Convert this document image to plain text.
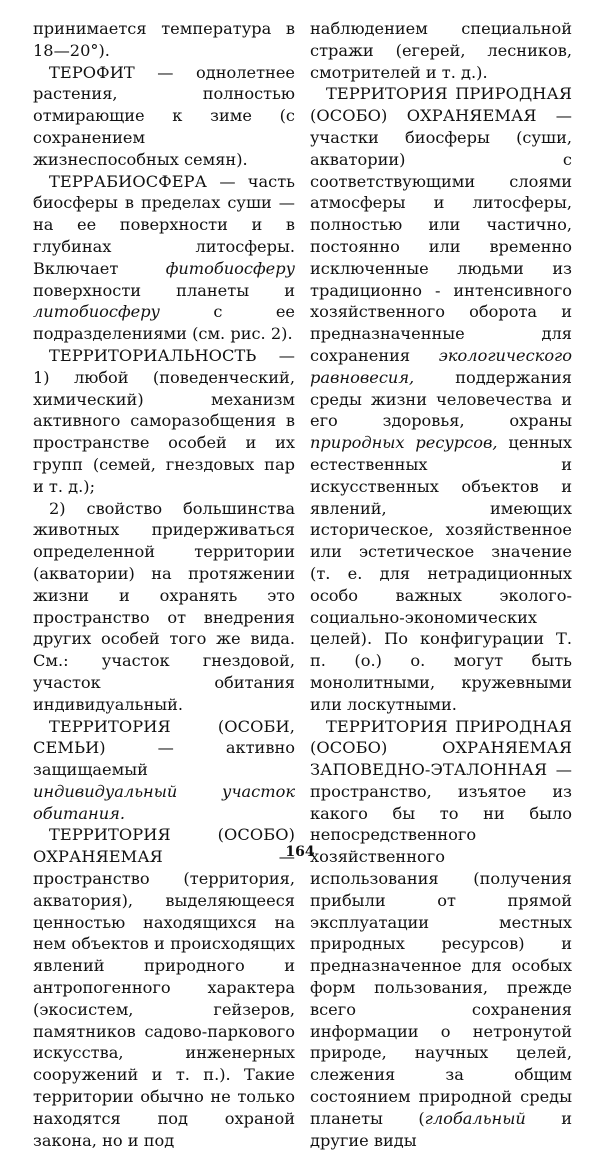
принимается температура в 18—20°).

ТЕРОФИТ — однолетнее растения, полностью отмирающие к зиме (с сохранением жизнеспособных семян).

ТЕРРАБИОСФЕРА — часть биосферы в пределах суши — на ее поверхности и в глубинах литосферы. Включает фитобиосферу поверхности планеты и литобиосферу с ее подразделениями (см. рис. 2).

ТЕРРИТОРИАЛЬНОСТЬ — 1) любой (поведенческий, химический) механизм активного саморазобщения в пространстве особей и их групп (семей, гнездовых пар и т. д.);

2) свойство большинства животных придерживаться определенной территории (акватории) на протяжении жизни и охранять это пространство от внедрения других особей того же вида. См.: участок гнездовой, участок обитания индивидуальный.

ТЕРРИТОРИЯ (ОСОБИ, СЕМЬИ) — активно защищаемый индивидуальный участок обитания.

ТЕРРИТОРИЯ (ОСОБО) ОХРАНЯЕМАЯ — пространство (территория, акватория), выделяющееся ценностью находящихся на нем объектов и происходящих явлений природного и антропогенного характера (экосистем, гейзеров, памятников садово-паркового искусства, инженерных сооружений и т. п.). Такие территории обычно не только находятся под охраной закона, но и под

наблюдением специальной стражи (егерей, лесников, смотрителей и т. д.).

ТЕРРИТОРИЯ ПРИРОДНАЯ (ОСОБО) ОХРАНЯЕМАЯ — участки биосферы (суши, акватории) с соответствующими слоями атмосферы и литосферы, полностью или частично, постоянно или временно исключенные людьми из традиционно - интенсивного хозяйственного оборота и предназначенные для сохранения экологического равновесия, поддержания среды жизни человечества и его здоровья, охраны природных ресурсов, ценных естественных и искусственных объектов и явлений, имеющих историческое, хозяйственное или эстетическое значение (т. е. для нетрадиционных особо важных эколого-социально-экономических целей). По конфигурации Т. п. (о.) о. могут быть монолитными, кружевными или лоскутными.

ТЕРРИТОРИЯ ПРИРОДНАЯ (ОСОБО) ОХРАНЯЕМАЯ ЗАПОВЕДНО-ЭТАЛОННАЯ — пространство, изъятое из какого бы то ни было непосредственного хозяйственного использования (получения прибыли от прямой эксплуатации местных природных ресурсов) и предназначенное для особых форм пользования, прежде всего сохранения информации о нетронутой природе, научных целей, слежения за общим состоянием природной среды планеты (глобальный и другие виды

164
